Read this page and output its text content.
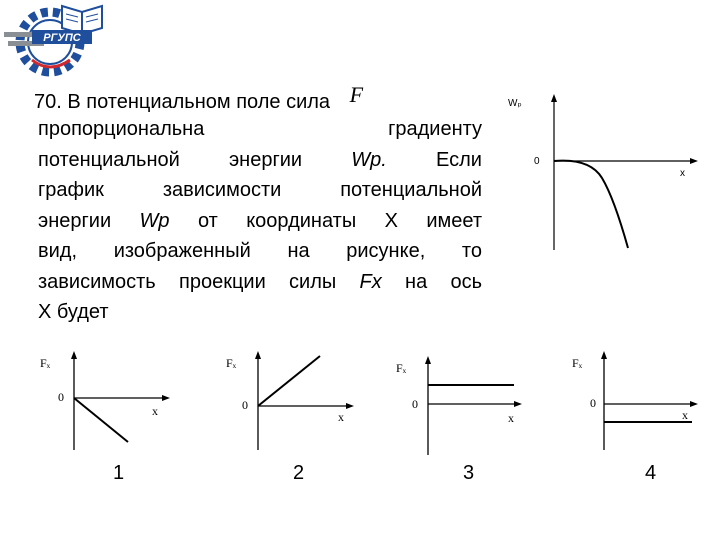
РГУПС
70. В потенциальном поле сила F
пропорциональна	градиенту
потенциальной энергии Wp. Если
график	зависимости	потенциальной
энергии Wp от координаты Х имеет
вид, изображенный на рисунке, то
зависимость проекции силы Fx на ось
Х будет
Wₚ
0
x
Fₓ
0
x
Fₓ
0
x
Fₓ
0
x
Fₓ
0
x
1	2	3	4
